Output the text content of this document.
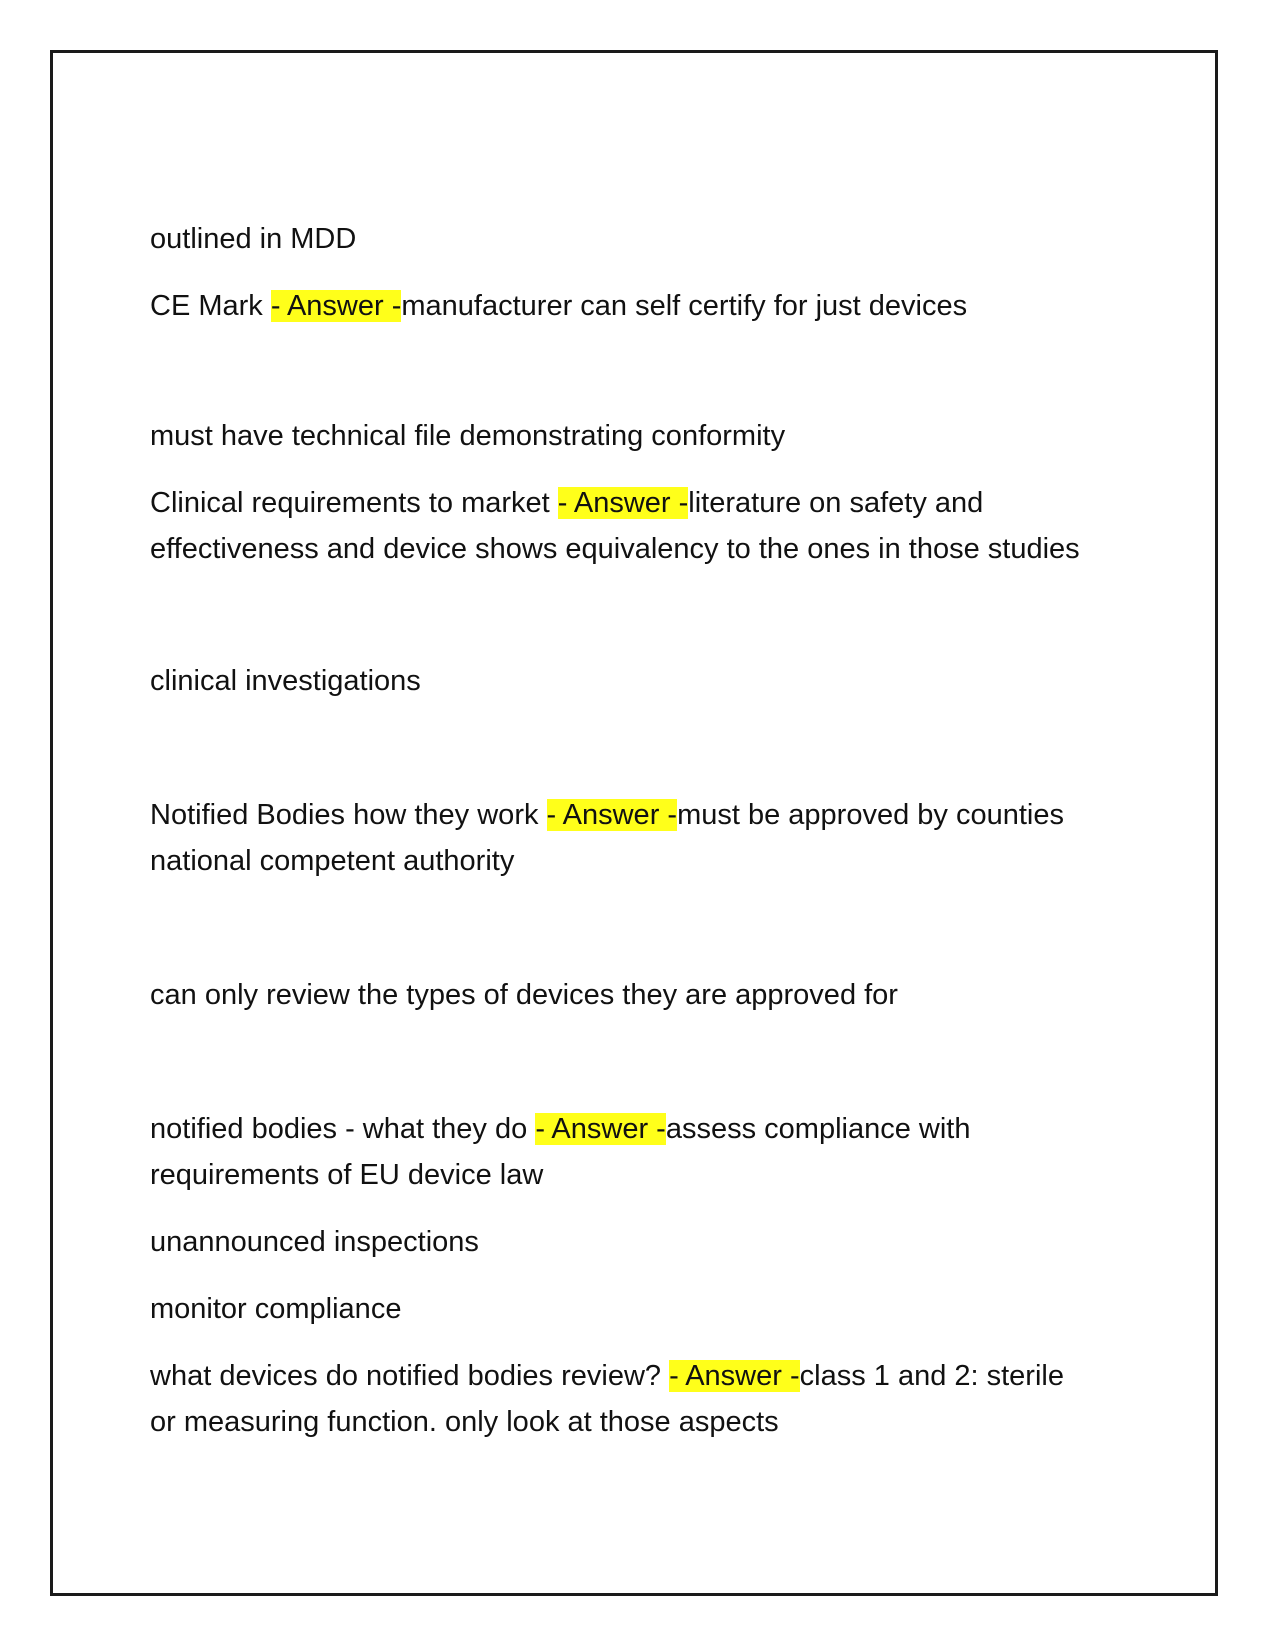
outlined in MDD
CE Mark - Answer -manufacturer can self certify for just devices
must have technical file demonstrating conformity
Clinical requirements to market - Answer -literature on safety and
effectiveness and device shows equivalency to the ones in those studies
clinical investigations
Notified Bodies how they work - Answer -must be approved by counties
national competent authority
can only review the types of devices they are approved for
notified bodies - what they do - Answer -assess compliance with
requirements of EU device law
unannounced inspections
monitor compliance
what devices do notified bodies review? - Answer -class 1 and 2: sterile
or measuring function. only look at those aspects
